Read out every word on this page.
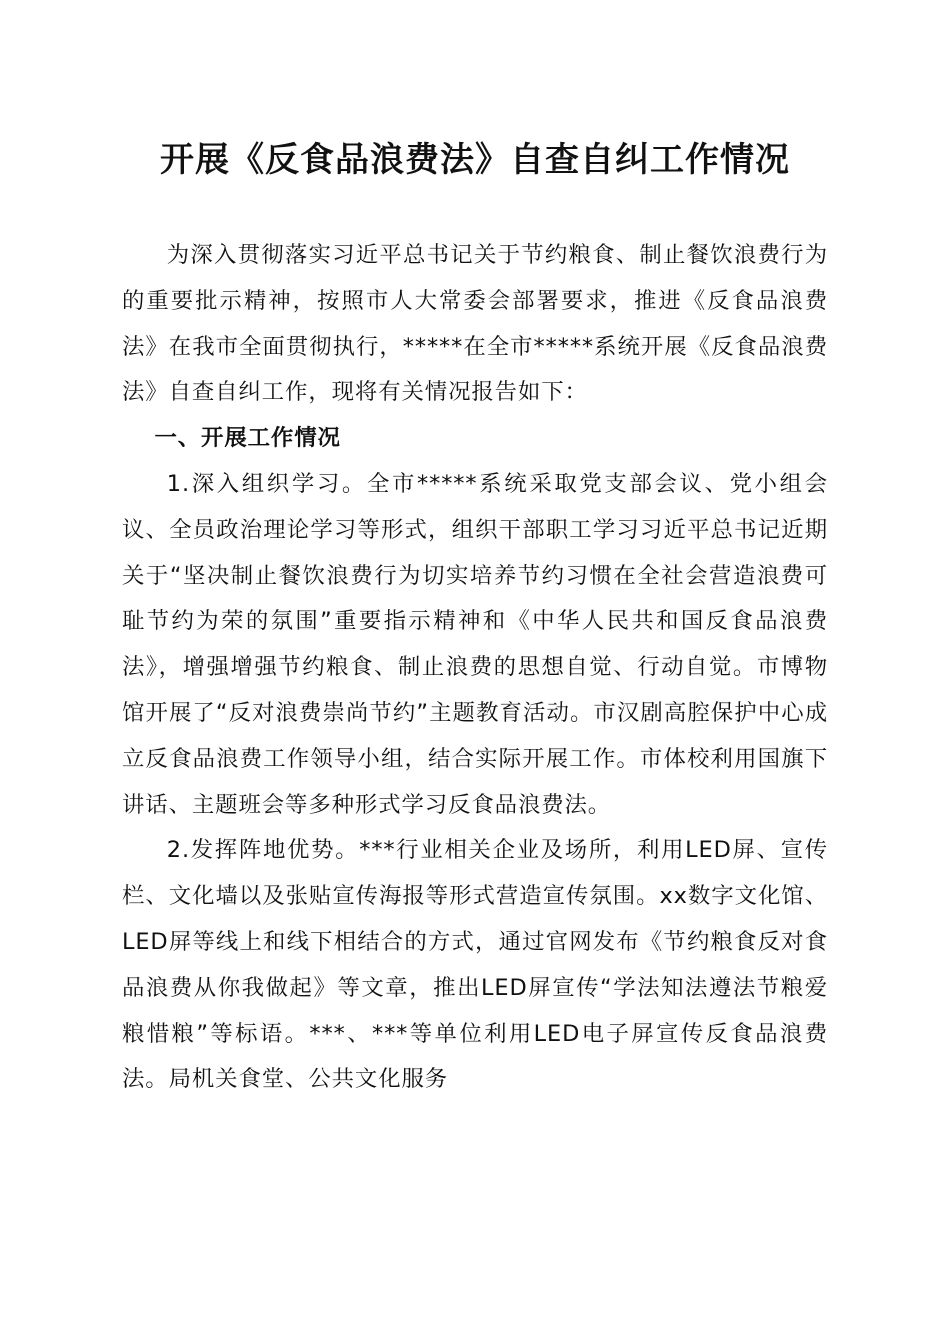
开展《反食品浪费法》自查自纠工作情况

为深入贯彻落实习近平总书记关于节约粮食、制止餐饮浪费行为的重要批示精神，按照市人大常委会部署要求，推进《反食品浪费法》在我市全面贯彻执行，*****在全市*****系统开展《反食品浪费法》自查自纠工作，现将有关情况报告如下：

一、开展工作情况

1.深入组织学习。全市*****系统采取党支部会议、党小组会议、全员政治理论学习等形式，组织干部职工学习习近平总书记近期关于“坚决制止餐饮浪费行为切实培养节约习惯在全社会营造浪费可耻节约为荣的氛围”重要指示精神和《中华人民共和国反食品浪费法》，增强增强节约粮食、制止浪费的思想自觉、行动自觉。市博物馆开展了“反对浪费崇尚节约”主题教育活动。市汉剧高腔保护中心成立反食品浪费工作领导小组，结合实际开展工作。市体校利用国旗下讲话、主题班会等多种形式学习反食品浪费法。

2.发挥阵地优势。***行业相关企业及场所，利用LED屏、宣传栏、文化墙以及张贴宣传海报等形式营造宣传氛围。xx数字文化馆、LED屏等线上和线下相结合的方式，通过官网发布《节约粮食反对食品浪费从你我做起》等文章，推出LED屏宣传“学法知法遵法节粮爱粮惜粮”等标语。***、***等单位利用LED电子屏宣传反食品浪费法。局机关食堂、公共文化服务
